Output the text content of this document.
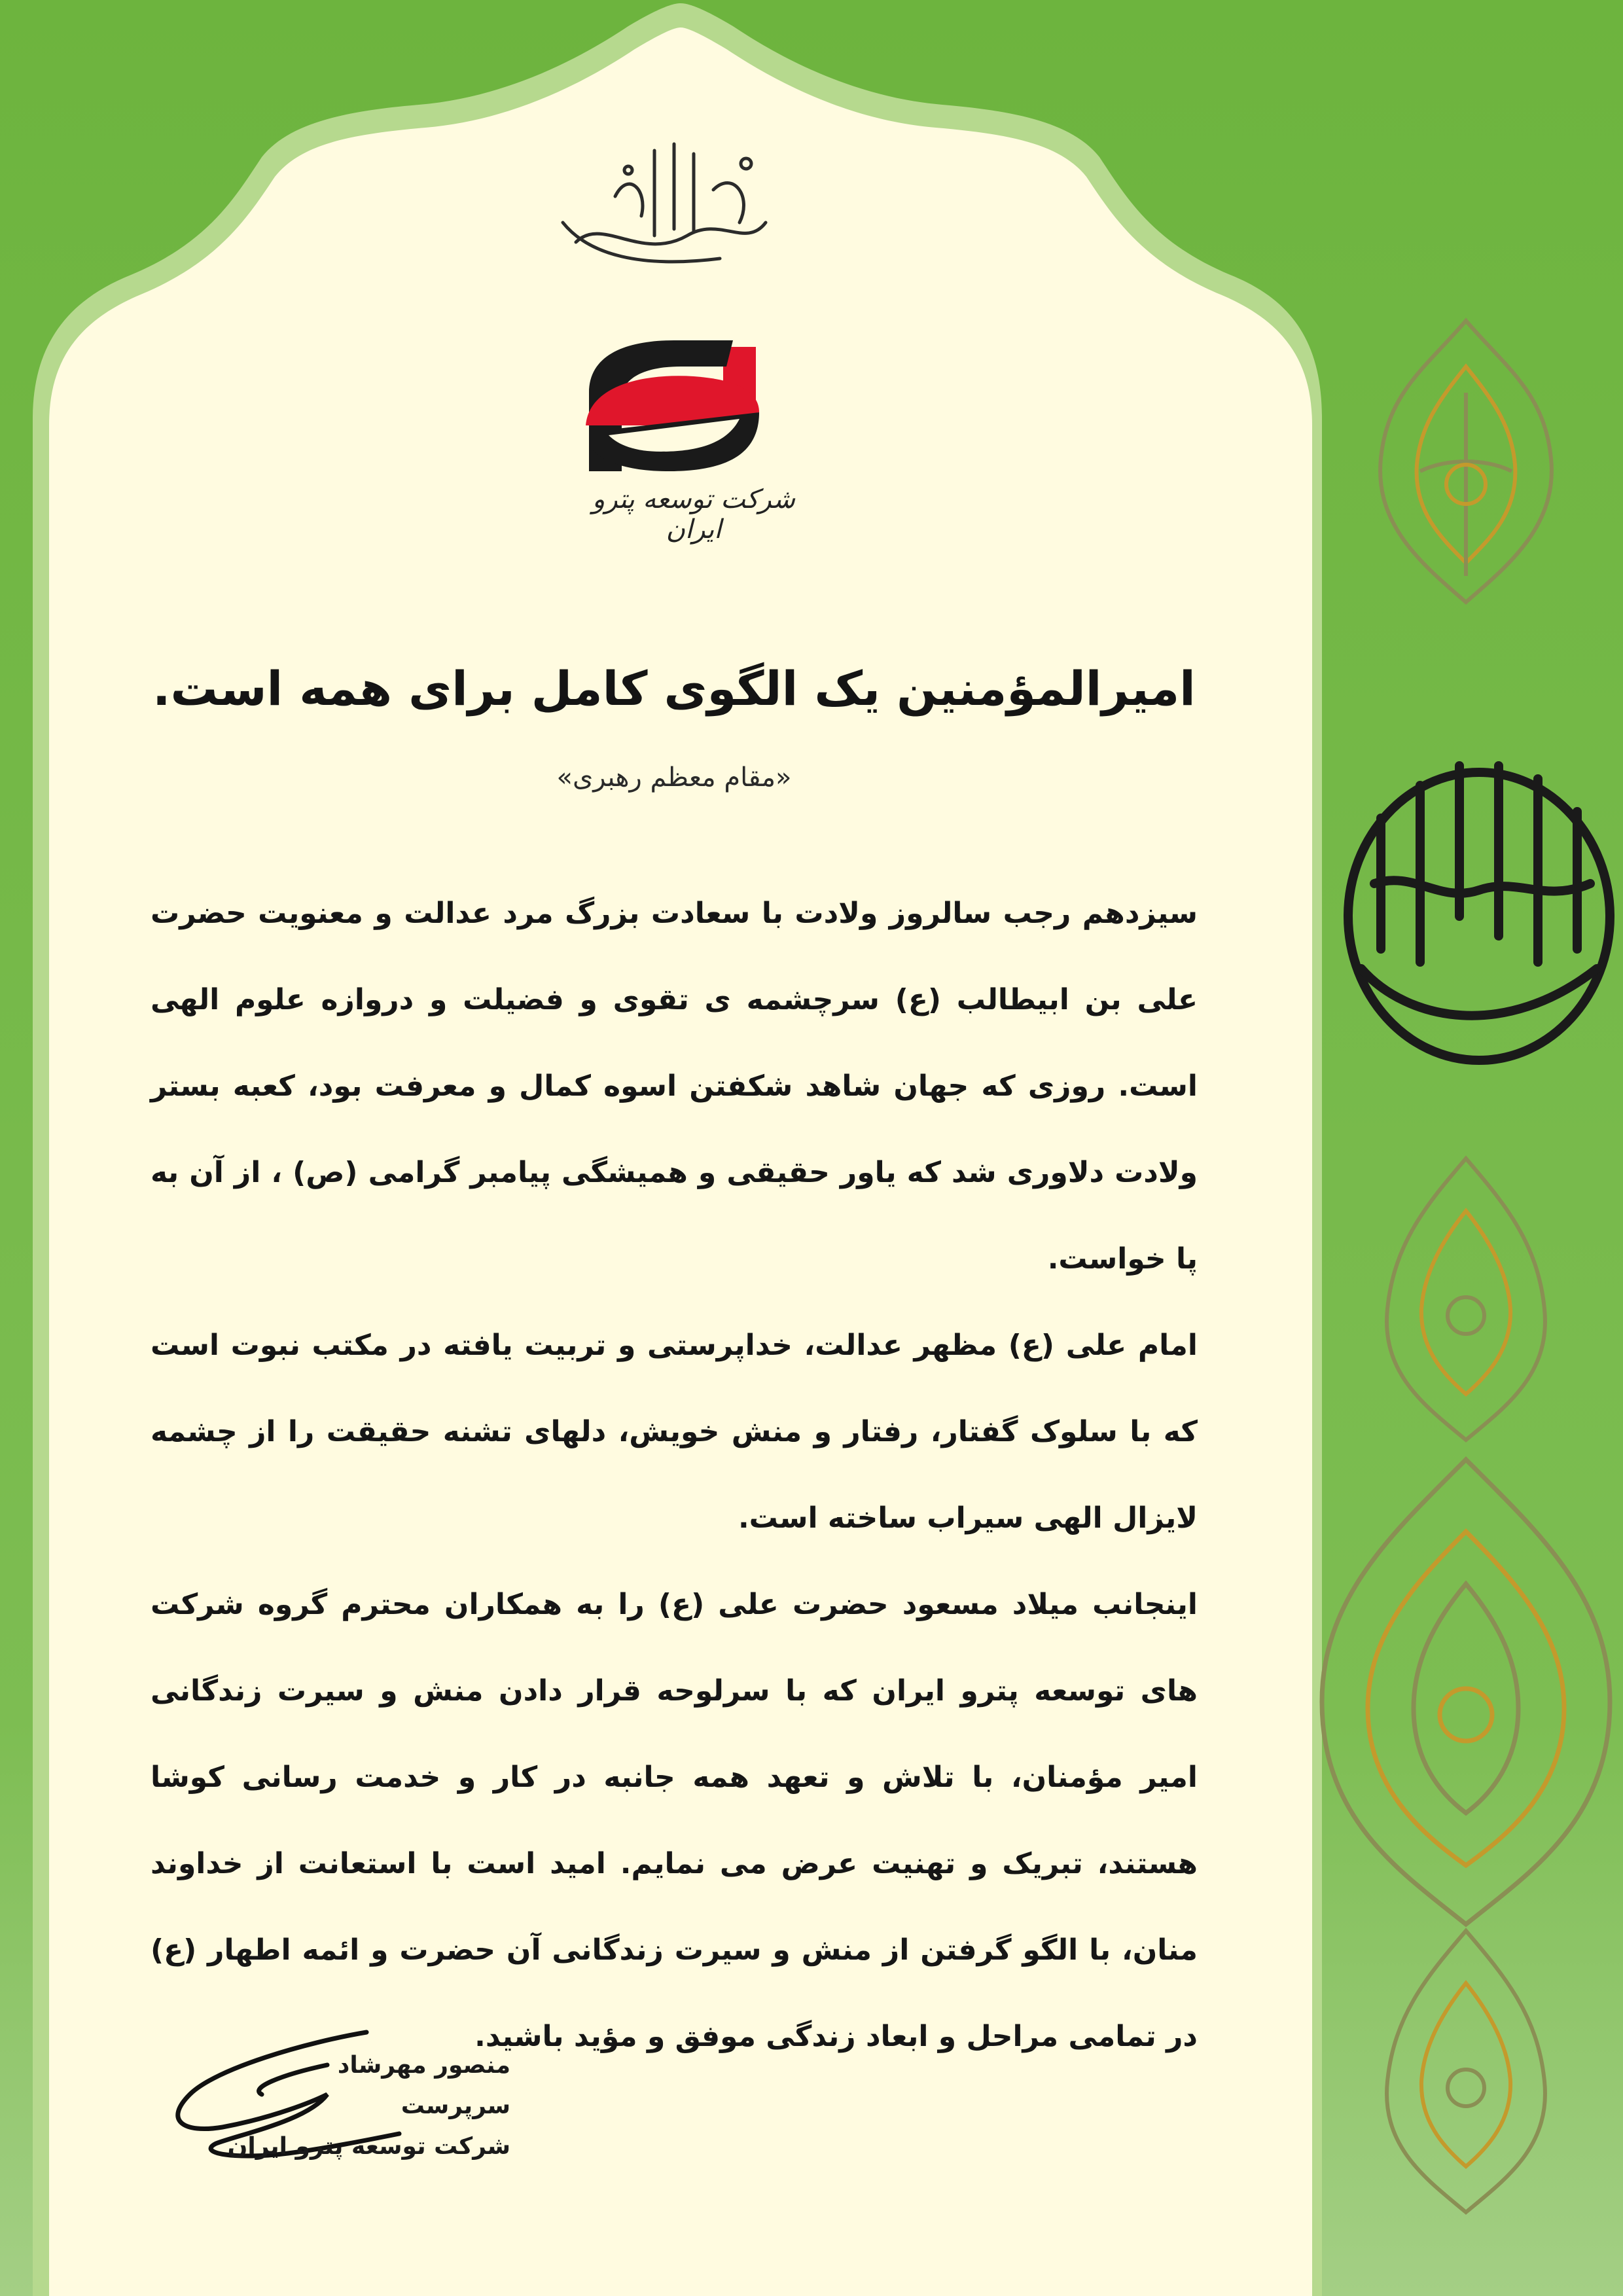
شرکت توسعه پترو ایران
امیرالمؤمنین یک الگوی کامل برای همه است.
«مقام معظم رهبری»

سیزدهم رجب سالروز ولادت با سعادت بزرگ مرد عدالت و معنویت حضرت علی بن ابیطالب (ع) سرچشمه ی تقوی و فضیلت و دروازه علوم الهی است. روزی که جهان شاهد شکفتن اسوه کمال و معرفت بود، کعبه بستر ولادت دلاوری شد که یاور حقیقی و همیشگی پیامبر گرامی (ص) ، از آن به پا خواست.

امام علی (ع) مظهر عدالت، خداپرستی و تربیت یافته در مکتب نبوت است که با سلوک گفتار، رفتار و منش خویش، دلهای تشنه حقیقت را از چشمه لایزال الهی سیراب ساخته است.

اینجانب میلاد مسعود حضرت علی (ع) را به همکاران محترم گروه شرکت های توسعه پترو ایران که با سرلوحه قرار دادن منش و سیرت زندگانی امیر مؤمنان، با تلاش و تعهد همه جانبه در کار و خدمت رسانی کوشا هستند، تبریک و تهنیت عرض می نمایم. امید است با استعانت از خداوند منان، با الگو گرفتن از منش و سیرت زندگانی آن حضرت و ائمه اطهار (ع) در تمامی مراحل و ابعاد زندگی موفق و مؤید باشید.

منصور مهرشاد
سرپرست
شرکت توسعه پترو ایران
